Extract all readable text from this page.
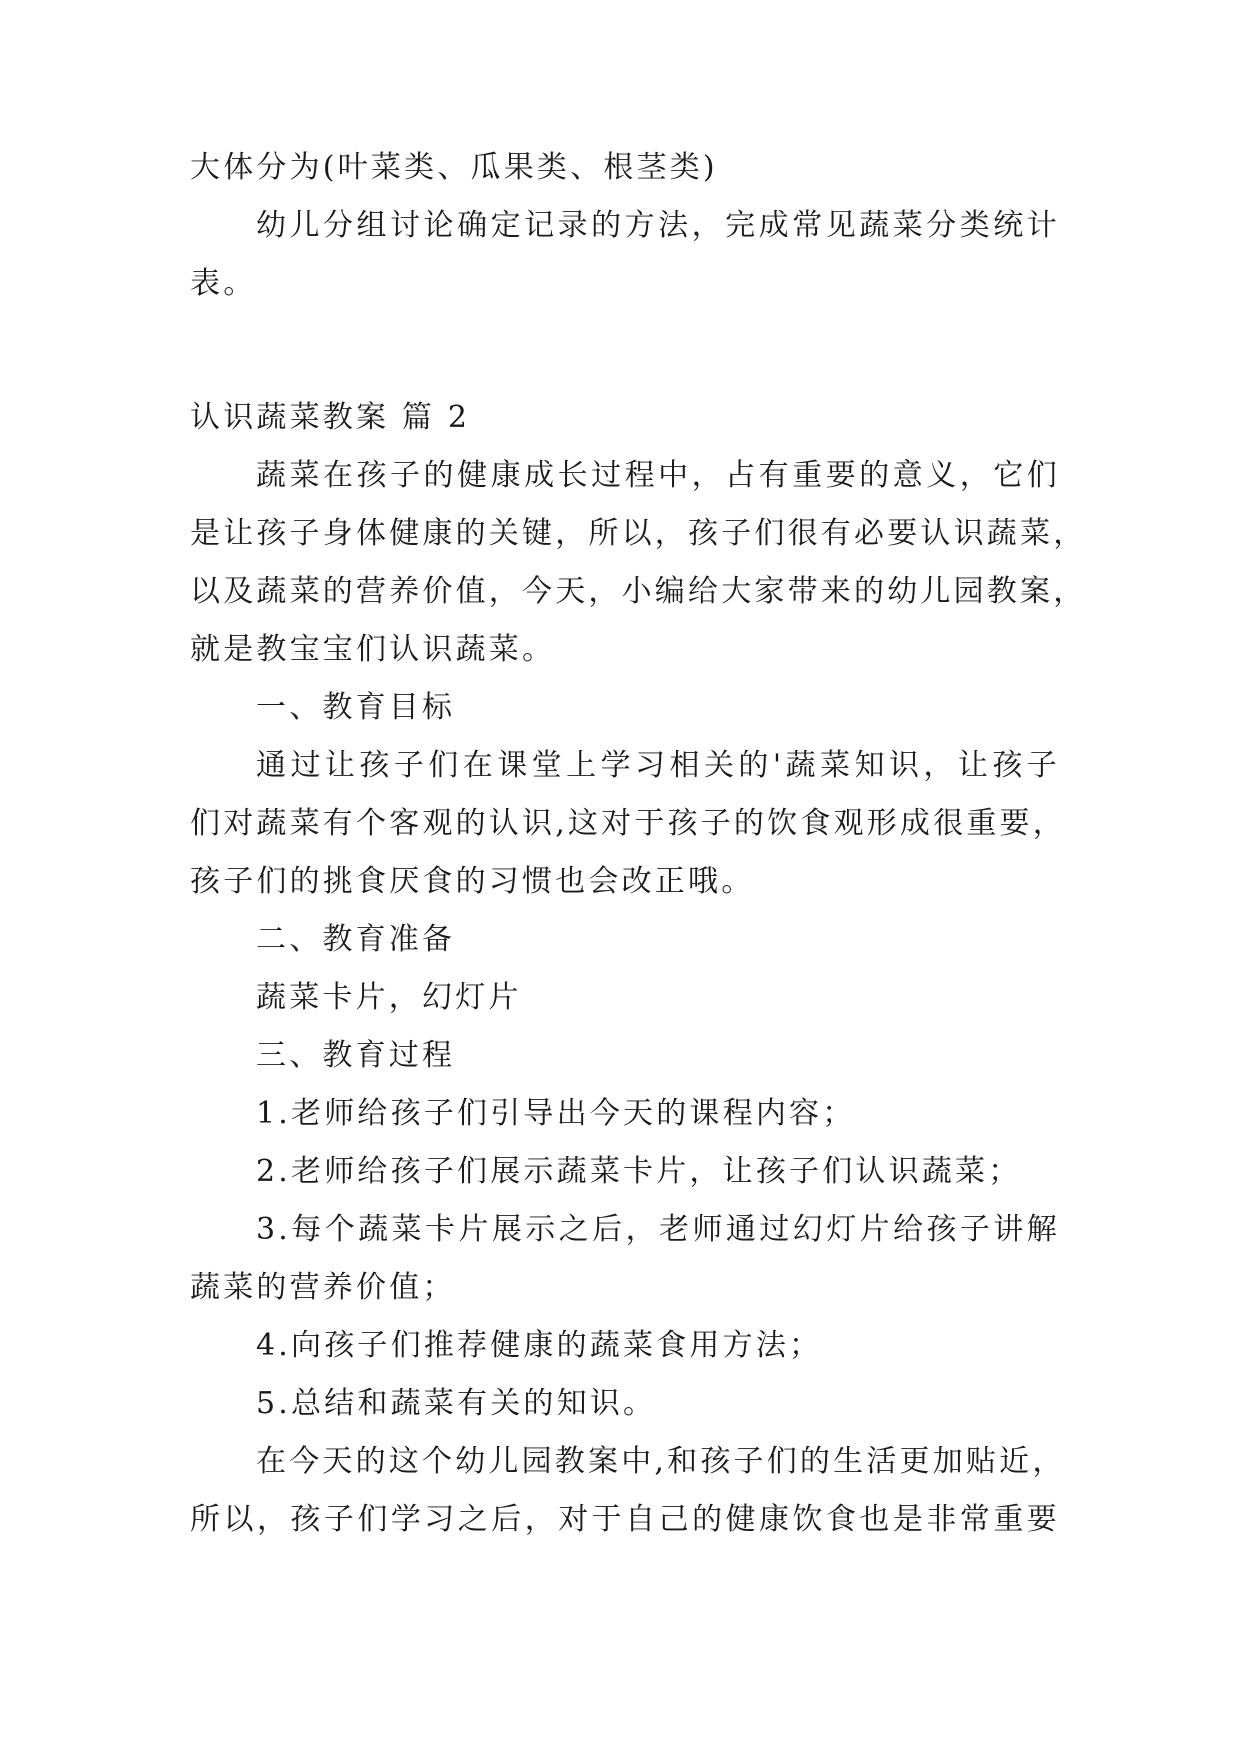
大体分为(叶菜类、瓜果类、根茎类)
幼儿分组讨论确定记录的方法，完成常见蔬菜分类统计
表。
认识蔬菜教案 篇 2
蔬菜在孩子的健康成长过程中，占有重要的意义，它们
是让孩子身体健康的关键，所以，孩子们很有必要认识蔬菜，
以及蔬菜的营养价值，今天，小编给大家带来的幼儿园教案，
就是教宝宝们认识蔬菜。
一、教育目标
通过让孩子们在课堂上学习相关的'蔬菜知识，让孩子
们对蔬菜有个客观的认识,这对于孩子的饮食观形成很重要，
孩子们的挑食厌食的习惯也会改正哦。
二、教育准备
蔬菜卡片，幻灯片
三、教育过程
1.老师给孩子们引导出今天的课程内容；
2.老师给孩子们展示蔬菜卡片，让孩子们认识蔬菜；
3.每个蔬菜卡片展示之后，老师通过幻灯片给孩子讲解
蔬菜的营养价值；
4.向孩子们推荐健康的蔬菜食用方法；
5.总结和蔬菜有关的知识。
在今天的这个幼儿园教案中,和孩子们的生活更加贴近，
所以，孩子们学习之后，对于自己的健康饮食也是非常重要
